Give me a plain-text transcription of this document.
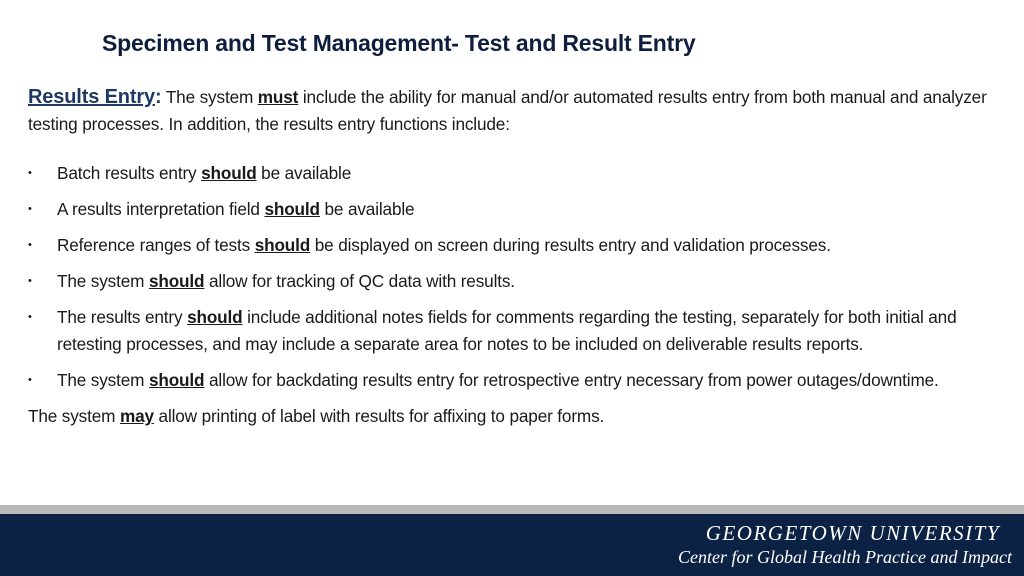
Specimen and Test Management- Test and Result Entry

Results Entry: The system must include the ability for manual and/or automated results entry from both manual and analyzer testing processes. In addition, the results entry functions include:

• Batch results entry should be available
• A results interpretation field should be available
• Reference ranges of tests should be displayed on screen during results entry and validation processes.
• The system should allow for tracking of QC data with results.
• The results entry should include additional notes fields for comments regarding the testing, separately for both initial and retesting processes, and may include a separate area for notes to be included on deliverable results reports.
• The system should allow for backdating results entry for retrospective entry necessary from power outages/downtime.

The system may allow printing of label with results for affixing to paper forms.

GEORGETOWN UNIVERSITY
Center for Global Health Practice and Impact
